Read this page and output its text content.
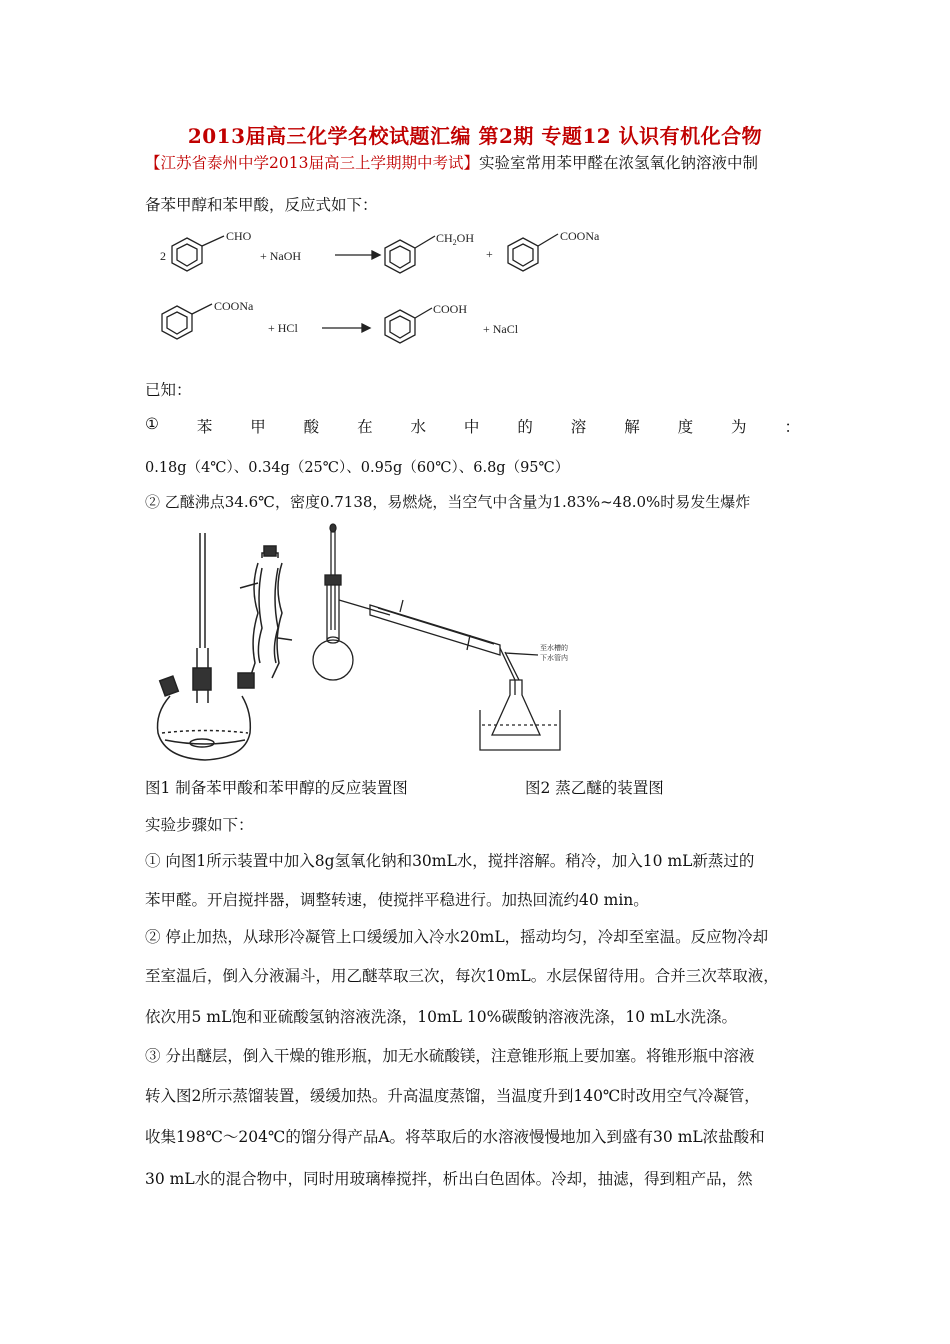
2013届高三化学名校试题汇编 第2期 专题12 认识有机化合物
【江苏省泰州中学2013届高三上学期期中考试】实验室常用苯甲醛在浓氢氧化钠溶液中制
备苯甲醇和苯甲酸，反应式如下：
2
CHO
+ NaOH
$CH_2OH$
+
COONa
COONa
+ HCl
COOH
+ NaCl
已知：
① 苯 甲 酸 在 水 中 的 溶 解 度 为 ：
0.18g（4℃）、0.34g（25℃）、0.95g（60℃）、6.8g（95℃）
② 乙醚沸点34.6℃，密度0.7138，易燃烧，当空气中含量为1.83%~48.0%时易发生爆炸
至水槽的
下水管内
图1 制备苯甲酸和苯甲醇的反应装置图	图2 蒸乙醚的装置图
实验步骤如下：
① 向图1所示装置中加入8g氢氧化钠和30mL水，搅拌溶解。稍冷，加入10 mL新蒸过的
苯甲醛。开启搅拌器，调整转速，使搅拌平稳进行。加热回流约40 min。
② 停止加热，从球形冷凝管上口缓缓加入冷水20mL，摇动均匀，冷却至室温。反应物冷却
至室温后，倒入分液漏斗，用乙醚萃取三次，每次10mL。水层保留待用。合并三次萃取液，
依次用5 mL饱和亚硫酸氢钠溶液洗涤，10mL 10%碳酸钠溶液洗涤，10 mL水洗涤。
③ 分出醚层，倒入干燥的锥形瓶，加无水硫酸镁，注意锥形瓶上要加塞。将锥形瓶中溶液
转入图2所示蒸馏装置，缓缓加热。升高温度蒸馏，当温度升到140℃时改用空气冷凝管，
收集198℃～204℃的馏分得产品A。将萃取后的水溶液慢慢地加入到盛有30 mL浓盐酸和
30 mL水的混合物中，同时用玻璃棒搅拌，析出白色固体。冷却，抽滤，得到粗产品，然
